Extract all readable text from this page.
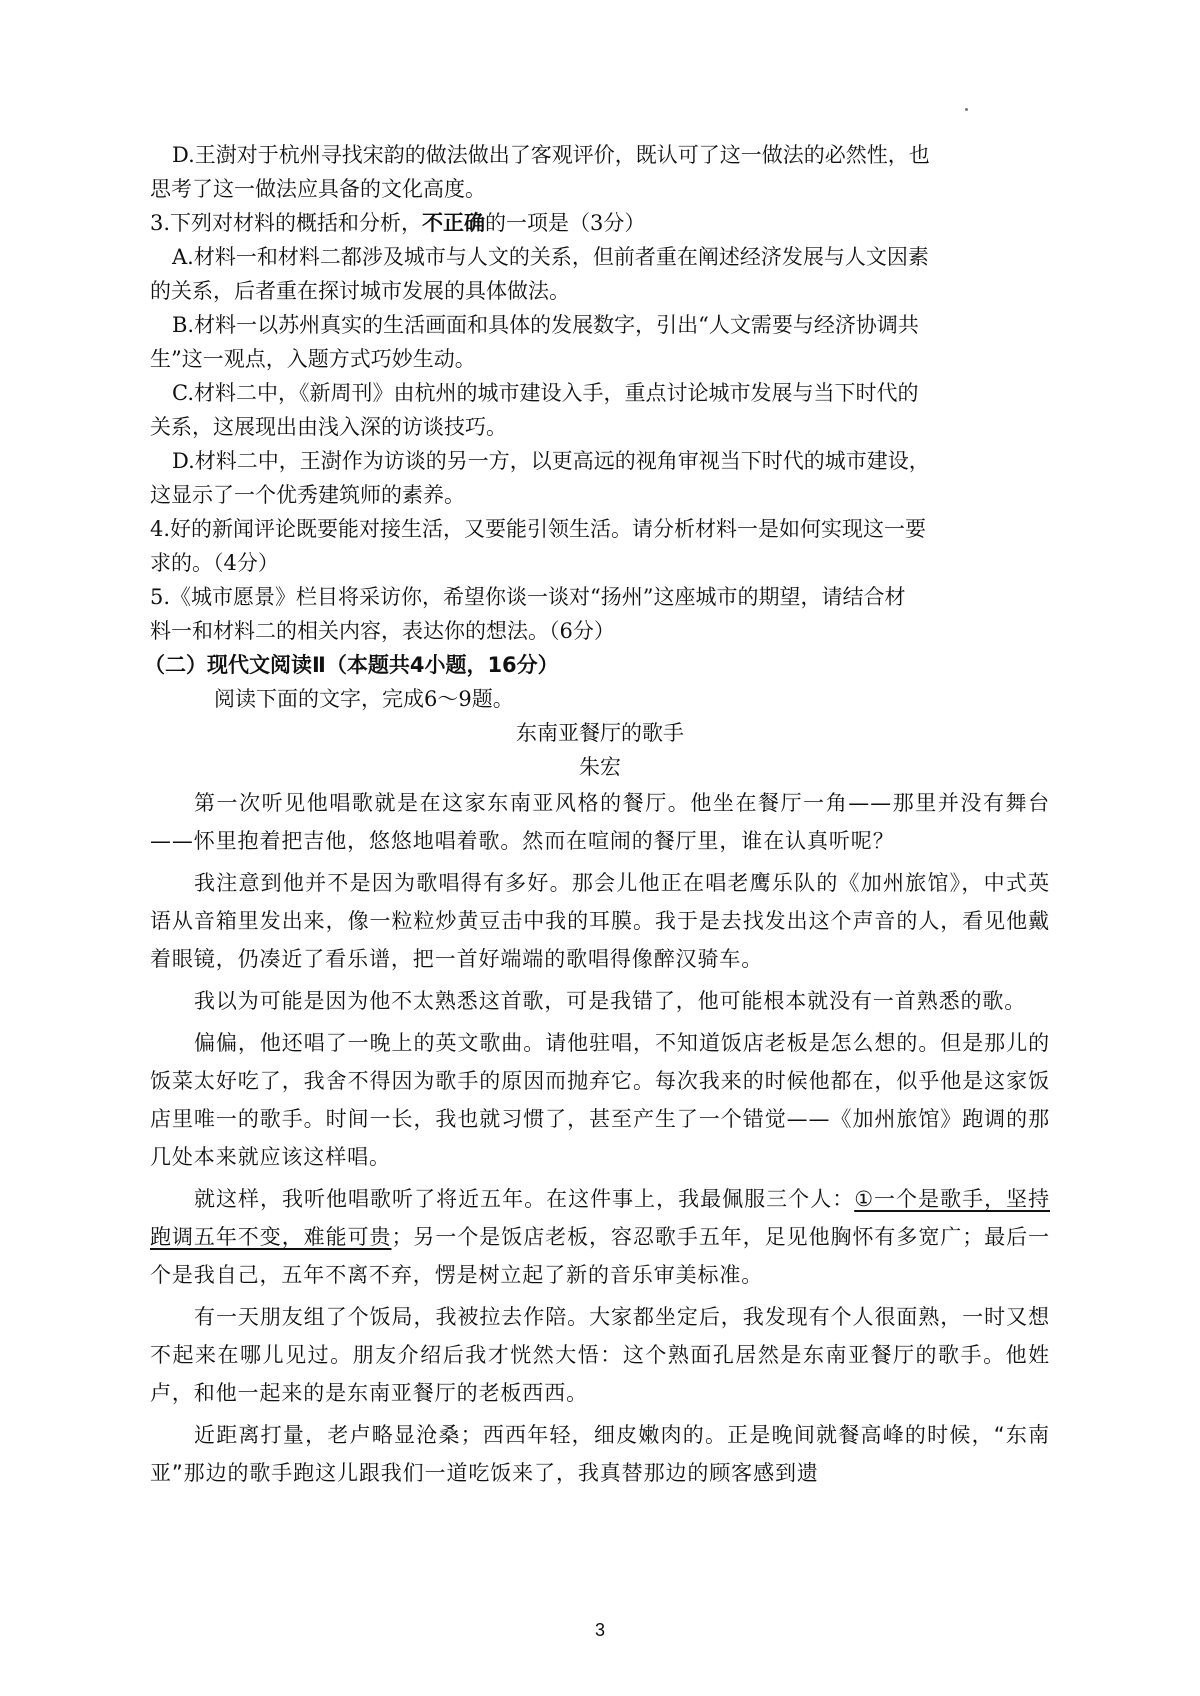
D.王澍对于杭州寻找宋韵的做法做出了客观评价，既认可了这一做法的必然性，也
思考了这一做法应具备的文化高度。
3.下列对材料的概括和分析，不正确的一项是（3分）
A.材料一和材料二都涉及城市与人文的关系，但前者重在阐述经济发展与人文因素
的关系，后者重在探讨城市发展的具体做法。
B.材料一以苏州真实的生活画面和具体的发展数字，引出“人文需要与经济协调共
生”这一观点，入题方式巧妙生动。
C.材料二中，《新周刊》由杭州的城市建设入手，重点讨论城市发展与当下时代的
关系，这展现出由浅入深的访谈技巧。
D.材料二中，王澍作为访谈的另一方，以更高远的视角审视当下时代的城市建设，
这显示了一个优秀建筑师的素养。
4.好的新闻评论既要能对接生活，又要能引领生活。请分析材料一是如何实现这一要
求的。（4分）
5.《城市愿景》栏目将采访你，希望你谈一谈对“扬州”这座城市的期望，请结合材
料一和材料二的相关内容，表达你的想法。（6分）
（二）现代文阅读Ⅱ（本题共4小题，16分）
阅读下面的文字，完成6～9题。
东南亚餐厅的歌手
朱宏
第一次听见他唱歌就是在这家东南亚风格的餐厅。他坐在餐厅一角——那里并没有舞台——怀里抱着把吉他，悠悠地唱着歌。然而在喧闹的餐厅里，谁在认真听呢？
我注意到他并不是因为歌唱得有多好。那会儿他正在唱老鹰乐队的《加州旅馆》，中式英语从音箱里发出来，像一粒粒炒黄豆击中我的耳膜。我于是去找发出这个声音的人，看见他戴着眼镜，仍凑近了看乐谱，把一首好端端的歌唱得像醉汉骑车。
我以为可能是因为他不太熟悉这首歌，可是我错了，他可能根本就没有一首熟悉的歌。
偏偏，他还唱了一晚上的英文歌曲。请他驻唱，不知道饭店老板是怎么想的。但是那儿的饭菜太好吃了，我舍不得因为歌手的原因而抛弃它。每次我来的时候他都在，似乎他是这家饭店里唯一的歌手。时间一长，我也就习惯了，甚至产生了一个错觉——《加州旅馆》跑调的那几处本来就应该这样唱。
就这样，我听他唱歌听了将近五年。在这件事上，我最佩服三个人：①一个是歌手，坚持跑调五年不变，难能可贵；另一个是饭店老板，容忍歌手五年，足见他胸怀有多宽广；最后一个是我自己，五年不离不弃，愣是树立起了新的音乐审美标准。
有一天朋友组了个饭局，我被拉去作陪。大家都坐定后，我发现有个人很面熟，一时又想不起来在哪儿见过。朋友介绍后我才恍然大悟：这个熟面孔居然是东南亚餐厅的歌手。他姓卢，和他一起来的是东南亚餐厅的老板西西。
近距离打量，老卢略显沧桑；西西年轻，细皮嫩肉的。正是晚间就餐高峰的时候，“东南亚”那边的歌手跑这儿跟我们一道吃饭来了，我真替那边的顾客感到遗
3
